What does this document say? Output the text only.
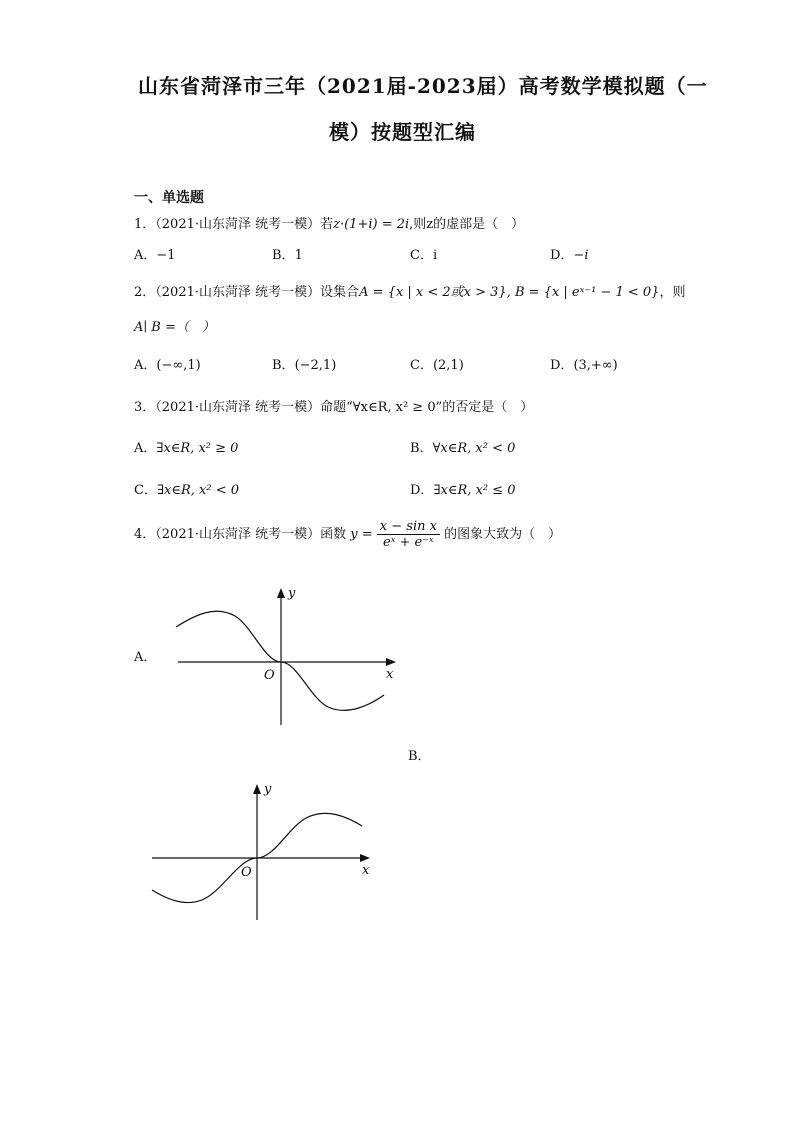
山东省菏泽市三年（2021届-2023届）高考数学模拟题（一
模）按题型汇编
一、单选题
1．（2021·山东菏泽 统考一模）若z·(1+i) = 2i,则z的虚部是（　）
A．−1	B．1	C．i	D．−i
2．（2021·山东菏泽 统考一模）设集合A = {x | x < 2或x > 3}, B = {x | eˣ⁻¹ − 1 < 0}，则
A∣ B =（　）
A．(−∞,1)	B．(−2,1)	C．(2,1)	D．(3,+∞)
3．（2021·山东菏泽 统考一模）命题“∀x∈R, x² ≥ 0”的否定是（　）
A．∃x∈R, x² ≥ 0	B．∀x∈R, x² < 0
C．∃x∈R, x² < 0	D．∃x∈R, x² ≤ 0
4．（2021·山东菏泽 统考一模）函数 $y = \frac{\text{x − sin x}}{\text{eˣ + e⁻ˣ}}$ 的图象大致为（　）
A．
y
x
O
B．
y
x
O
